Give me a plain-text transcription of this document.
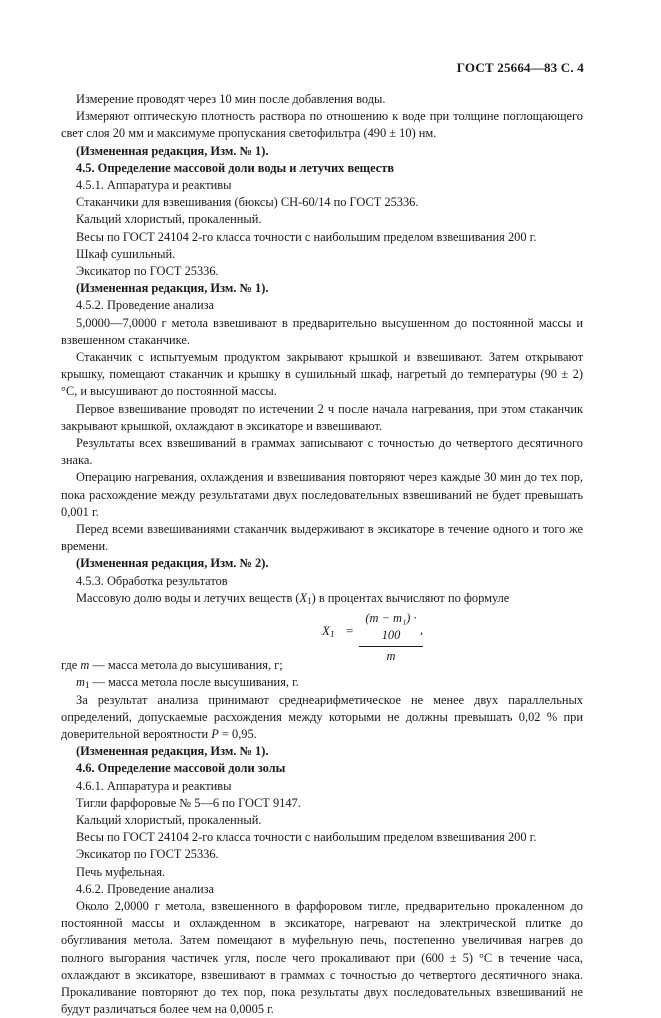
ГОСТ 25664—83 С. 4

Измерение проводят через 10 мин после добавления воды.

Измеряют оптическую плотность раствора по отношению к воде при толщине поглощающего свет слоя 20 мм и максимуме пропускания светофильтра (490 ± 10) нм.

(Измененная редакция, Изм. № 1).

4.5. Определение массовой доли воды и летучих веществ

4.5.1. Аппаратура и реактивы

Стаканчики для взвешивания (бюксы) СН-60/14 по ГОСТ 25336.

Кальций хлористый, прокаленный.

Весы по ГОСТ 24104 2-го класса точности с наибольшим пределом взвешивания 200 г.

Шкаф сушильный.

Эксикатор по ГОСТ 25336.

(Измененная редакция, Изм. № 1).

4.5.2. Проведение анализа

5,0000—7,0000 г метола взвешивают в предварительно высушенном до постоянной массы и взвешенном стаканчике.

Стаканчик с испытуемым продуктом закрывают крышкой и взвешивают. Затем открывают крышку, помещают стаканчик и крышку в сушильный шкаф, нагретый до температуры (90 ± 2) °С, и высушивают до постоянной массы.

Первое взвешивание проводят по истечении 2 ч после начала нагревания, при этом стаканчик закрывают крышкой, охлаждают в эксикаторе и взвешивают.

Результаты всех взвешиваний в граммах записывают с точностью до четвертого десятичного знака.

Операцию нагревания, охлаждения и взвешивания повторяют через каждые 30 мин до тех пор, пока расхождение между результатами двух последовательных взвешиваний не будет превышать 0,001 г.

Перед всеми взвешиваниями стаканчик выдерживают в эксикаторе в течение одного и того же времени.

(Измененная редакция, Изм. № 2).

4.5.3. Обработка результатов

Массовую долю воды и летучих веществ $(X_1)$ в процентах вычисляют по формуле

$X_1 = \frac{\text{(m − m₁) · 100}}{m}$
,

где m — масса метола до высушивания, г;

$m_1$ — масса метола после высушивания, г.

За результат анализа принимают среднеарифметическое не менее двух параллельных определений, допускаемые расхождения между которыми не должны превышать 0,02 % при доверительной вероятности P = 0,95.

(Измененная редакция, Изм. № 1).

4.6. Определение массовой доли золы

4.6.1. Аппаратура и реактивы

Тигли фарфоровые № 5—6 по ГОСТ 9147.

Кальций хлористый, прокаленный.

Весы по ГОСТ 24104 2-го класса точности с наибольшим пределом взвешивания 200 г.

Эксикатор по ГОСТ 25336.

Печь муфельная.

4.6.2. Проведение анализа

Около 2,0000 г метола, взвешенного в фарфоровом тигле, предварительно прокаленном до постоянной массы и охлажденном в эксикаторе, нагревают на электрической плитке до обугливания метола. Затем помещают в муфельную печь, постепенно увеличивая нагрев до полного выгорания частичек угля, после чего прокаливают при (600 ± 5) °С в течение часа, охлаждают в эксикаторе, взвешивают в граммах с точностью до четвертого десятичного знака. Прокаливание повторяют до тех пор, пока результаты двух последовательных взвешиваний не будут различаться более чем на 0,0005 г.
